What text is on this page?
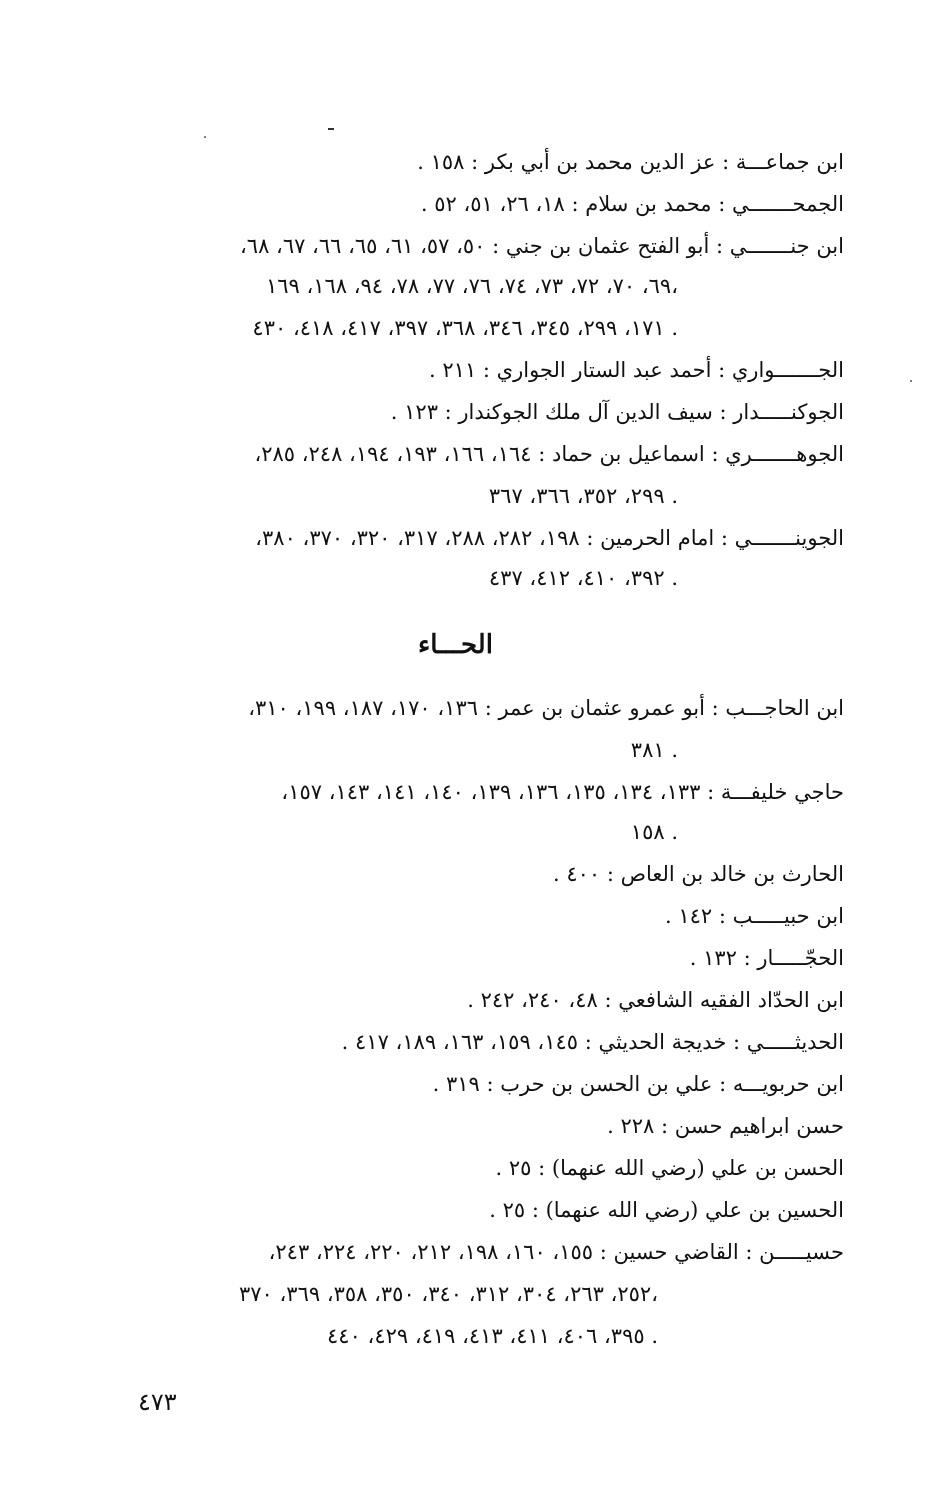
ابن جماعـــة : عز الدين محمد بن أبي بكر : ١٥٨ .
الجمحـــــــي : محمد بن سلام : ١٨، ٢٦، ٥١، ٥٢ .
ابن جنـــــــي : أبو الفتح عثمان بن جني : ٥٠، ٥٧، ٦١، ٦٥، ٦٦، ٦٧، ٦٨،
٦٩، ٧٠، ٧٢، ٧٣، ٧٤، ٧٦، ٧٧، ٧٨، ٩٤، ١٦٨، ١٦٩،
١٧١، ٢٩٩، ٣٤٥، ٣٤٦، ٣٦٨، ٣٩٧، ٤١٧، ٤١٨، ٤٣٠ .
الجـــــــواري : أحمد عبد الستار الجواري : ٢١١ .
الجوكنـــــدار : سيف الدين آل ملك الجوكندار : ١٢٣ .
الجوهـــــــري : اسماعيل بن حماد : ١٦٤، ١٦٦، ١٩٣، ١٩٤، ٢٤٨، ٢٨٥،
٢٩٩، ٣٥٢، ٣٦٦، ٣٦٧ .
الجوينـــــــي : امام الحرمين : ١٩٨، ٢٨٢، ٢٨٨، ٣١٧، ٣٢٠، ٣٧٠، ٣٨٠،
٣٩٢، ٤١٠، ٤١٢، ٤٣٧ .
الحـــاء
ابن الحاجـــب : أبو عمرو عثمان بن عمر : ١٣٦، ١٧٠، ١٨٧، ١٩٩، ٣١٠،
٣٨١ .
حاجي خليفـــة : ١٣٣، ١٣٤، ١٣٥، ١٣٦، ١٣٩، ١٤٠، ١٤١، ١٤٣، ١٥٧،
١٥٨ .
الحارث بن خالد بن العاص : ٤٠٠ .
ابن حبيـــــب : ١٤٢ .
الحجّـــــار : ١٣٢ .
ابن الحدّاد الفقيه الشافعي : ٤٨، ٢٤٠، ٢٤٢ .
الحديثـــــي : خديجة الحديثي : ١٤٥، ١٥٩، ١٦٣، ١٨٩، ٤١٧ .
ابن حربويـــه : علي بن الحسن بن حرب : ٣١٩ .
حسن ابراهيم حسن : ٢٢٨ .
الحسن بن علي (رضي الله عنهما) : ٢٥ .
الحسين بن علي (رضي الله عنهما) : ٢٥ .
حسيـــــن : القاضي حسين : ١٥٥، ١٦٠، ١٩٨، ٢١٢، ٢٢٠، ٢٢٤، ٢٤٣،
٢٥٢، ٢٦٣، ٣٠٤، ٣١٢، ٣٤٠، ٣٥٠، ٣٥٨، ٣٦٩، ٣٧٠،
٣٩٥، ٤٠٦، ٤١١، ٤١٣، ٤١٩، ٤٢٩، ٤٤٠ .
٤٧٣
